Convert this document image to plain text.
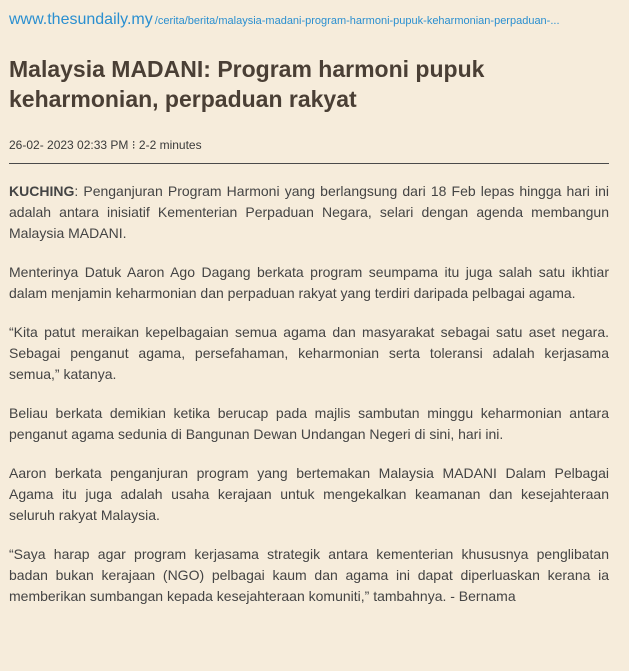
www.thesundaily.my /cerita/berita/malaysia-madani-program-harmoni-pupuk-keharmonian-perpaduan-...
Malaysia MADANI: Program harmoni pupuk keharmonian, perpaduan rakyat
26-02- 2023 02:33 PM ⁝ 2-2 minutes

KUCHING: Penganjuran Program Harmoni yang berlangsung dari 18 Feb lepas hingga hari ini adalah antara inisiatif Kementerian Perpaduan Negara, selari dengan agenda membangun Malaysia MADANI.

Menterinya Datuk Aaron Ago Dagang berkata program seumpama itu juga salah satu ikhtiar dalam menjamin keharmonian dan perpaduan rakyat yang terdiri daripada pelbagai agama.

“Kita patut meraikan kepelbagaian semua agama dan masyarakat sebagai satu aset negara. Sebagai penganut agama, persefahaman, keharmonian serta toleransi adalah kerjasama semua,” katanya.

Beliau berkata demikian ketika berucap pada majlis sambutan minggu keharmonian antara penganut agama sedunia di Bangunan Dewan Undangan Negeri di sini, hari ini.

Aaron berkata penganjuran program yang bertemakan Malaysia MADANI Dalam Pelbagai Agama itu juga adalah usaha kerajaan untuk mengekalkan keamanan dan kesejahteraan seluruh rakyat Malaysia.

“Saya harap agar program kerjasama strategik antara kementerian khususnya penglibatan badan bukan kerajaan (NGO) pelbagai kaum dan agama ini dapat diperluaskan kerana ia memberikan sumbangan kepada kesejahteraan komuniti,” tambahnya. - Bernama
